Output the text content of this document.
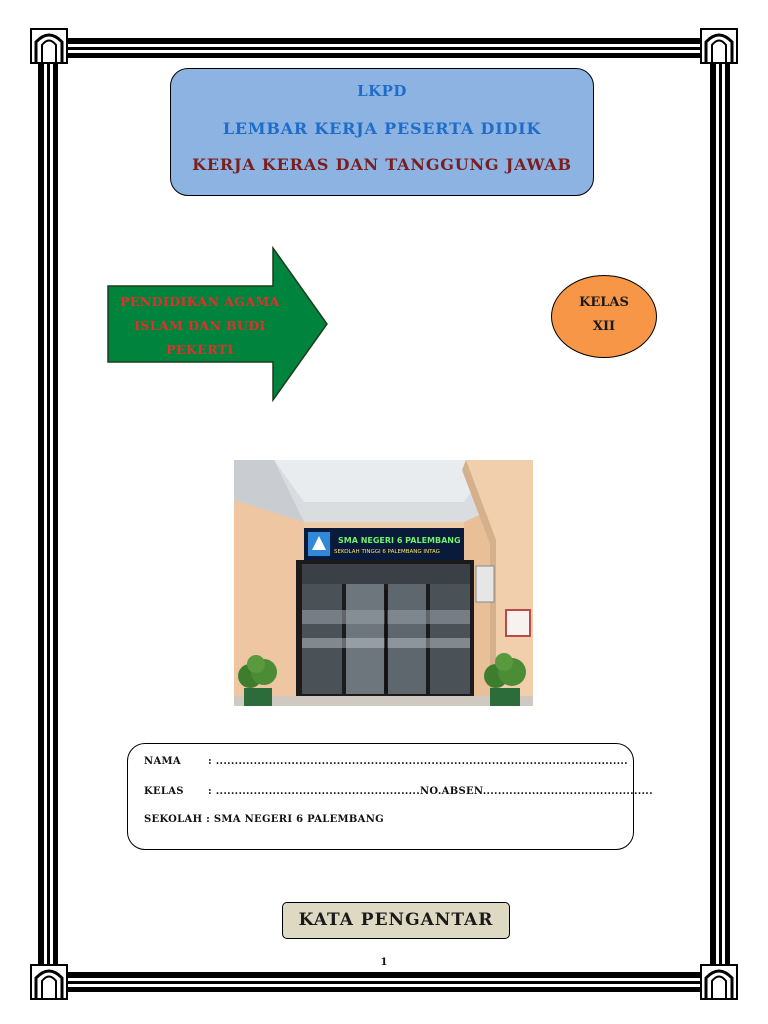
LKPD
LEMBAR KERJA PESERTA DIDIK
KERJA KERAS DAN TANGGUNG JAWAB
PENDIDIKAN AGAMA
ISLAM DAN BUDI
PEKERTI
KELAS
XII
SMA NEGERI 6 PALEMBANG
SEKOLAH TINGGI 6 PALEMBANG INTAG
NAMA	: .............................................................................................................
KELAS : ......................................................NO.ABSEN.............................................
SEKOLAH : SMA NEGERI 6 PALEMBANG
KATA PENGANTAR
1
